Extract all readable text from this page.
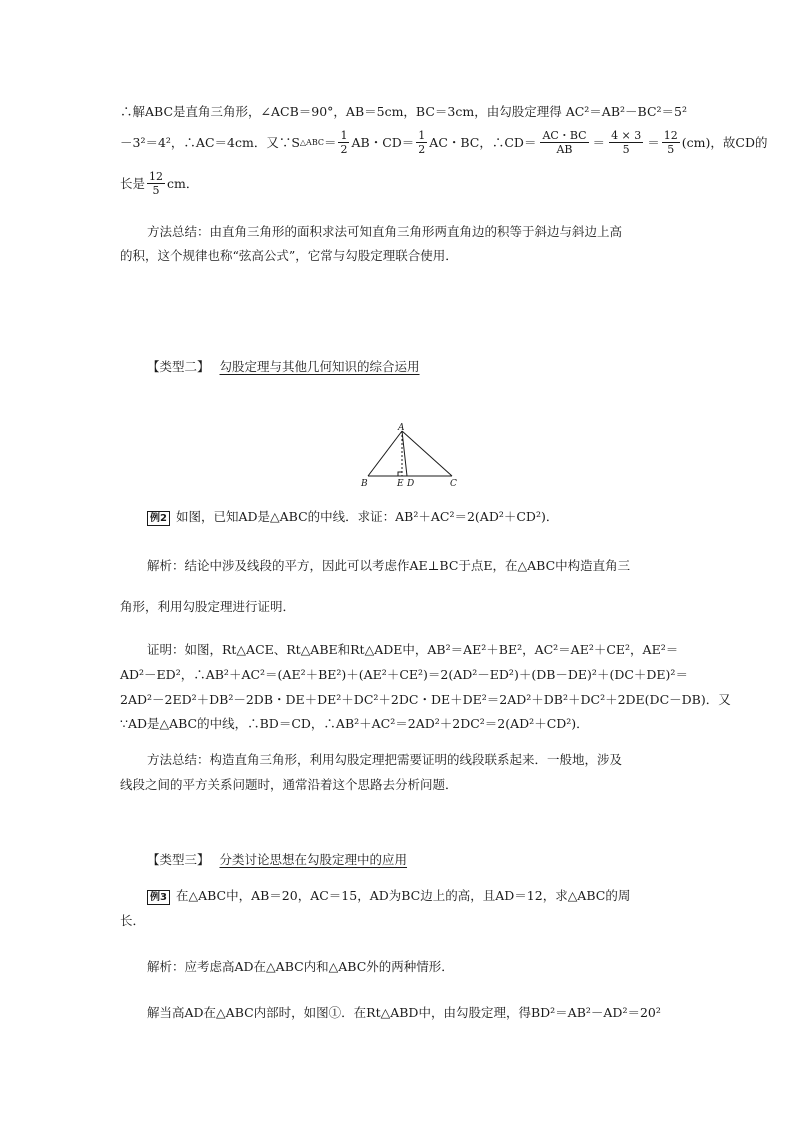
∴解ABC是直角三角形，∠ACB＝90°，AB＝5cm，BC＝3cm，由勾股定理得 AC²＝AB²－BC²＝5²
－3²＝4²，∴AC＝4cm．又∵S △ABC ＝ $\frac{1}{2}$ AB・$CD= \frac{1}{2}$ AC・BC，∴CD＝ $\frac{AC・BC}{AB} = \frac{4 \times 3}{5} = \frac{12}{5} (cm)$，故CD的
长是 $\frac{12}{5}$ cm．
方法总结：由直角三角形的面积求法可知直角三角形两直角边的积等于斜边与斜边上高
的积，这个规律也称“弦高公式”，它常与勾股定理联合使用．
【类型二】 勾股定理与其他几何知识的综合运用
A
B	E D	C
例2 如图，已知AD是△ABC的中线．求证：AB²＋AC²＝2(AD²＋CD²)．
解析：结论中涉及线段的平方，因此可以考虑作AE⊥BC于点E，在△ABC中构造直角三
角形，利用勾股定理进行证明．
证明：如图，Rt△ACE、Rt△ABE和Rt△ADE中，AB²＝AE²＋BE²，AC²＝AE²＋CE²，AE²＝
AD²－ED²，∴AB²＋AC²＝(AE²＋BE²)＋(AE²＋CE²)＝2(AD²－ED²)＋(DB－DE)²＋(DC＋DE)²＝
2AD²－2ED²＋DB²－2DB・DE＋DE²＋DC²＋2DC・DE＋DE²＝2AD²＋DB²＋DC²＋2DE(DC－DB)．又
∵AD是△ABC的中线，∴BD＝CD，∴AB²＋AC²＝2AD²＋2DC²＝2(AD²＋CD²)．
方法总结：构造直角三角形，利用勾股定理把需要证明的线段联系起来．一般地，涉及
线段之间的平方关系问题时，通常沿着这个思路去分析问题．
【类型三】 分类讨论思想在勾股定理中的应用
例3 在△ABC中，AB＝20，AC＝15，AD为BC边上的高，且AD＝12，求△ABC的周
长．
解析：应考虑高AD在△ABC内和△ABC外的两种情形．
解当高AD在△ABC内部时，如图①．在Rt△ABD中，由勾股定理，得BD²＝AB²－AD²＝20²
